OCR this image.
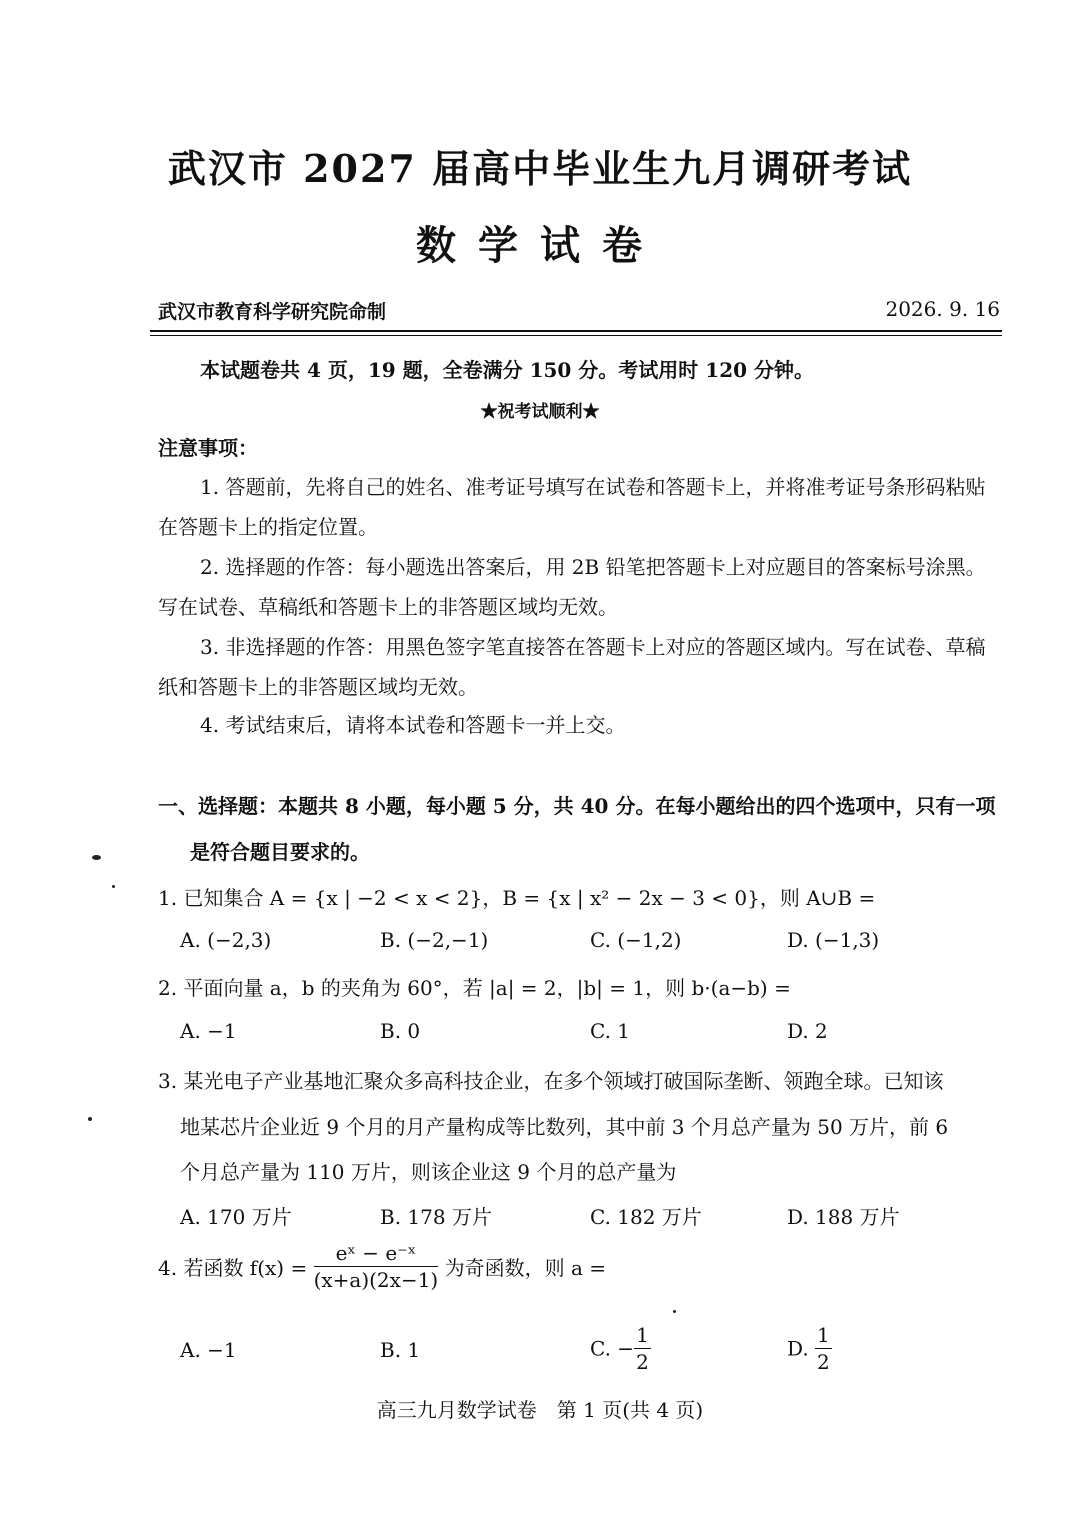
武汉市 2027 届高中毕业生九月调研考试
数学试卷
武汉市教育科学研究院命制	2026. 9. 16
本试题卷共 4 页，19 题，全卷满分 150 分。考试用时 120 分钟。
★祝考试顺利★
注意事项：
1. 答题前，先将自己的姓名、准考证号填写在试卷和答题卡上，并将准考证号条形码粘贴在答题卡上的指定位置。
2. 选择题的作答：每小题选出答案后，用 2B 铅笔把答题卡上对应题目的答案标号涂黑。写在试卷、草稿纸和答题卡上的非答题区域均无效。
3. 非选择题的作答：用黑色签字笔直接答在答题卡上对应的答题区域内。写在试卷、草稿纸和答题卡上的非答题区域均无效。
4. 考试结束后，请将本试卷和答题卡一并上交。
一、选择题：本题共 8 小题，每小题 5 分，共 40 分。在每小题给出的四个选项中，只有一项
是符合题目要求的。
1. 已知集合 A = {x | −2 < x < 2}，B = {x | x² − 2x − 3 < 0}，则 A∪B =
A. (−2,3)	B. (−2,−1)	C. (−1,2)	D. (−1,3)
2. 平面向量 a，b 的夹角为 60°，若 |a| = 2，|b| = 1，则 b·(a−b) =
A. −1	B. 0	C. 1	D. 2
3. 某光电子产业基地汇聚众多高科技企业，在多个领域打破国际垄断、领跑全球。已知该
地某芯片企业近 9 个月的月产量构成等比数列，其中前 3 个月总产量为 50 万片，前 6
个月总产量为 110 万片，则该企业这 9 个月的总产量为
A. 170 万片	B. 178 万片	C. 182 万片	D. 188 万片
4. 若函数 $f(x) = \frac{\text{eˣ − e⁻ˣ}}{(x+a)(2x-1)}$ 为奇函数，则 a =
A. −1	B. 1	C. − $\frac{1}{2}$	D. $\frac{1}{2}$
高三九月数学试卷　第 1 页(共 4 页)
